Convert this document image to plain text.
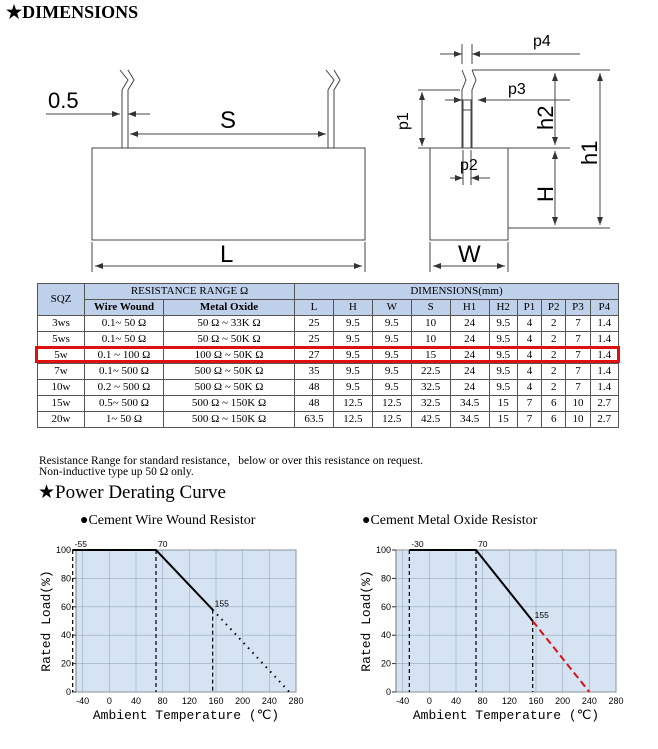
★DIMENSIONS
0.5
S
L	W
p4
p3
p2
p1	h2
h1
H
SQZ	RESISTANCE RANGE Ω		DIMENSIONS(mm)									
	Wire Wound	Metal Oxide	L	H	W	S	H1	H2	P1	P2	P3	P4
3ws	0.1~ 50 Ω	50 Ω ~ 33K Ω	25	9.5	9.5	10	24	9.5	4	2	7	1.4
5ws	0.1~ 50 Ω	50 Ω ~ 50K Ω	25	9.5	9.5	10	24	9.5	4	2	7	1.4
5w	0.1 ~ 100 Ω	100 Ω ~ 50K Ω	27	9.5	9.5	15	24	9.5	4	2	7	1.4
7w	0.1~ 500 Ω	500 Ω ~ 50K Ω	35	9.5	9.5	22.5	24	9.5	4	2	7	1.4
10w	0.2 ~ 500 Ω	500 Ω ~ 50K Ω	48	9.5	9.5	32.5	24	9.5	4	2	7	1.4
15w	0.5~ 500 Ω	500 Ω ~ 150K Ω	48	12.5	12.5	32.5	34.5	15	7	6	10	2.7
20w	1~ 50 Ω	500 Ω ~ 150K Ω	63.5	12.5	12.5	42.5	34.5	15	7	6	10	2.7
Resistance Range for standard resistance，below or over this resistance on request.
Non-inductive type up 50 Ω only.
★Power Derating Curve
●Cement Wire Wound Resistor	●Cement Metal Oxide Resistor
-40 0 40 80 120 160 200 240 280
0
20
40
60
80
100
-55	70
155
Ambient Temperature (℃)
Rated Load(%)
-40 0 40 80 120 160 200 240 280
0
20
40
60
80
100
-30	70
155
Ambient Temperature (℃)
Rated Load(%)
